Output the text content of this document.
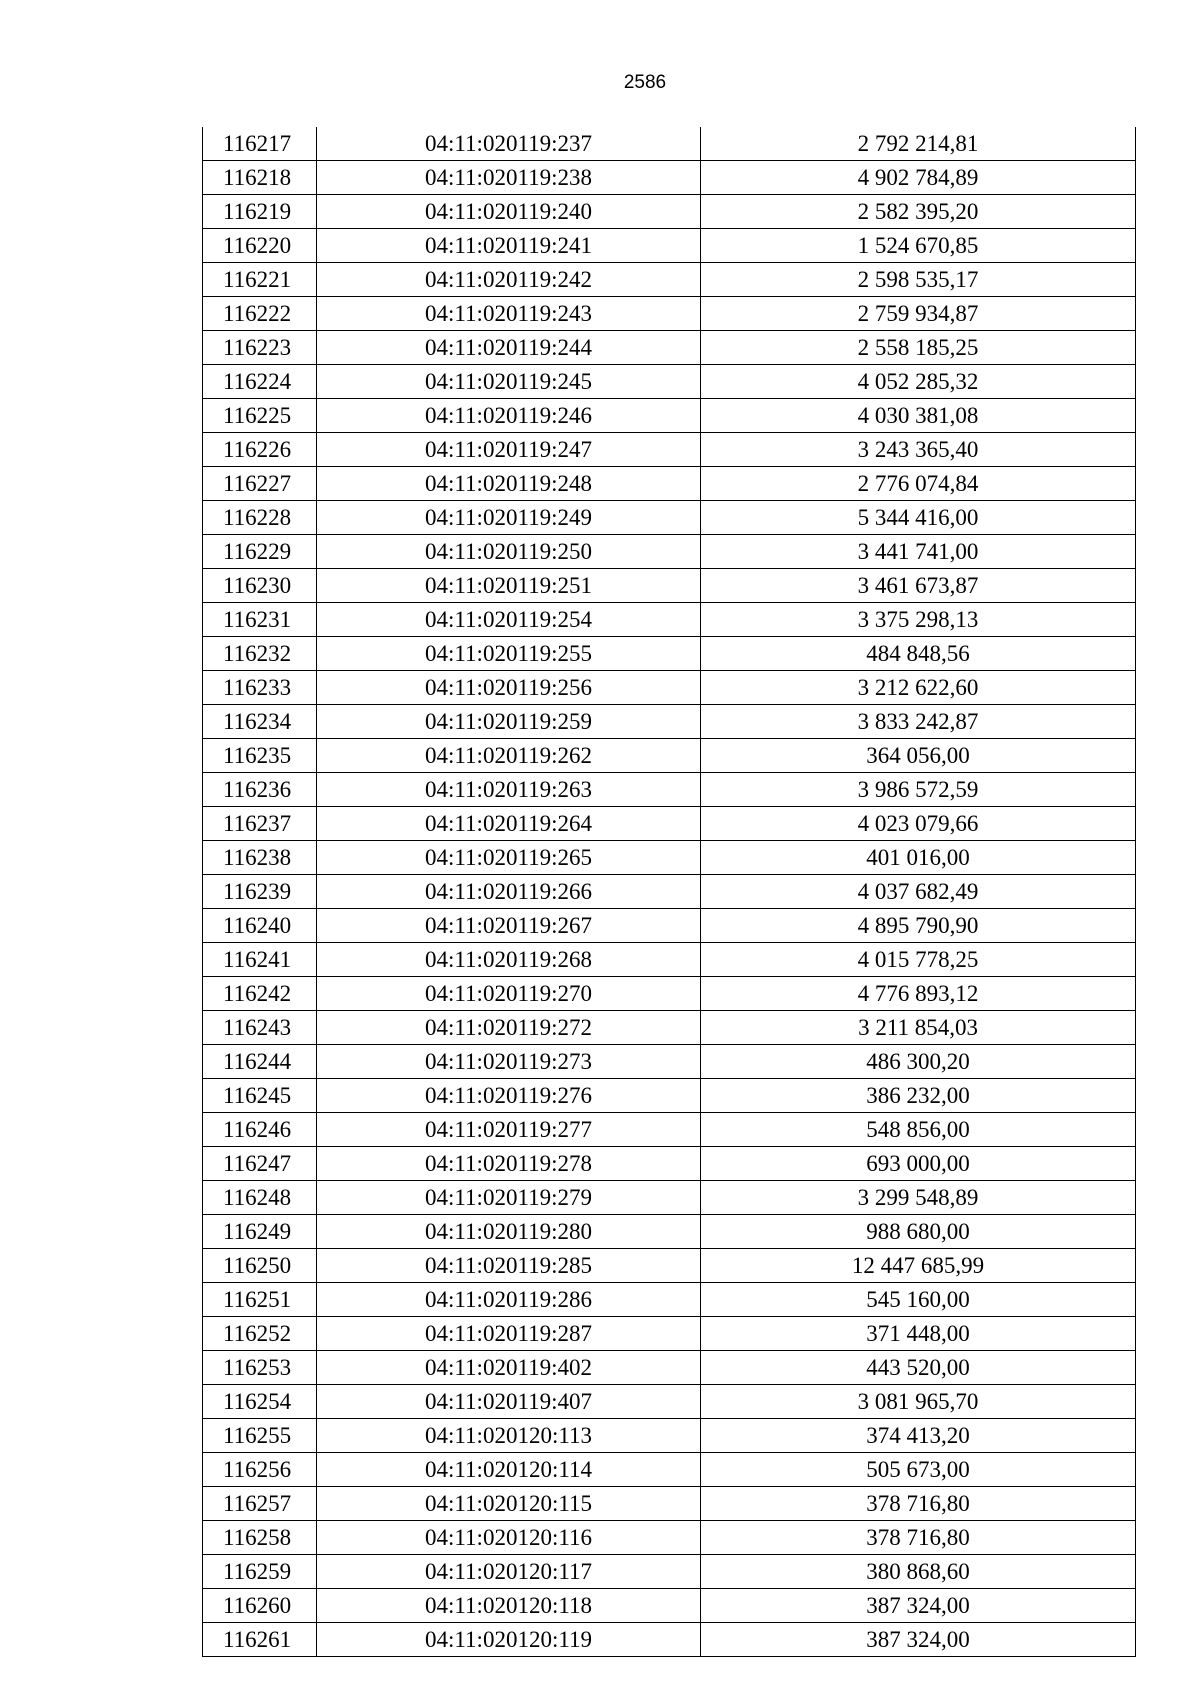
2586
116217	04:11:020119:237	2 792 214,81
116218	04:11:020119:238	4 902 784,89
116219	04:11:020119:240	2 582 395,20
116220	04:11:020119:241	1 524 670,85
116221	04:11:020119:242	2 598 535,17
116222	04:11:020119:243	2 759 934,87
116223	04:11:020119:244	2 558 185,25
116224	04:11:020119:245	4 052 285,32
116225	04:11:020119:246	4 030 381,08
116226	04:11:020119:247	3 243 365,40
116227	04:11:020119:248	2 776 074,84
116228	04:11:020119:249	5 344 416,00
116229	04:11:020119:250	3 441 741,00
116230	04:11:020119:251	3 461 673,87
116231	04:11:020119:254	3 375 298,13
116232	04:11:020119:255	484 848,56
116233	04:11:020119:256	3 212 622,60
116234	04:11:020119:259	3 833 242,87
116235	04:11:020119:262	364 056,00
116236	04:11:020119:263	3 986 572,59
116237	04:11:020119:264	4 023 079,66
116238	04:11:020119:265	401 016,00
116239	04:11:020119:266	4 037 682,49
116240	04:11:020119:267	4 895 790,90
116241	04:11:020119:268	4 015 778,25
116242	04:11:020119:270	4 776 893,12
116243	04:11:020119:272	3 211 854,03
116244	04:11:020119:273	486 300,20
116245	04:11:020119:276	386 232,00
116246	04:11:020119:277	548 856,00
116247	04:11:020119:278	693 000,00
116248	04:11:020119:279	3 299 548,89
116249	04:11:020119:280	988 680,00
116250	04:11:020119:285	12 447 685,99
116251	04:11:020119:286	545 160,00
116252	04:11:020119:287	371 448,00
116253	04:11:020119:402	443 520,00
116254	04:11:020119:407	3 081 965,70
116255	04:11:020120:113	374 413,20
116256	04:11:020120:114	505 673,00
116257	04:11:020120:115	378 716,80
116258	04:11:020120:116	378 716,80
116259	04:11:020120:117	380 868,60
116260	04:11:020120:118	387 324,00
116261	04:11:020120:119	387 324,00
